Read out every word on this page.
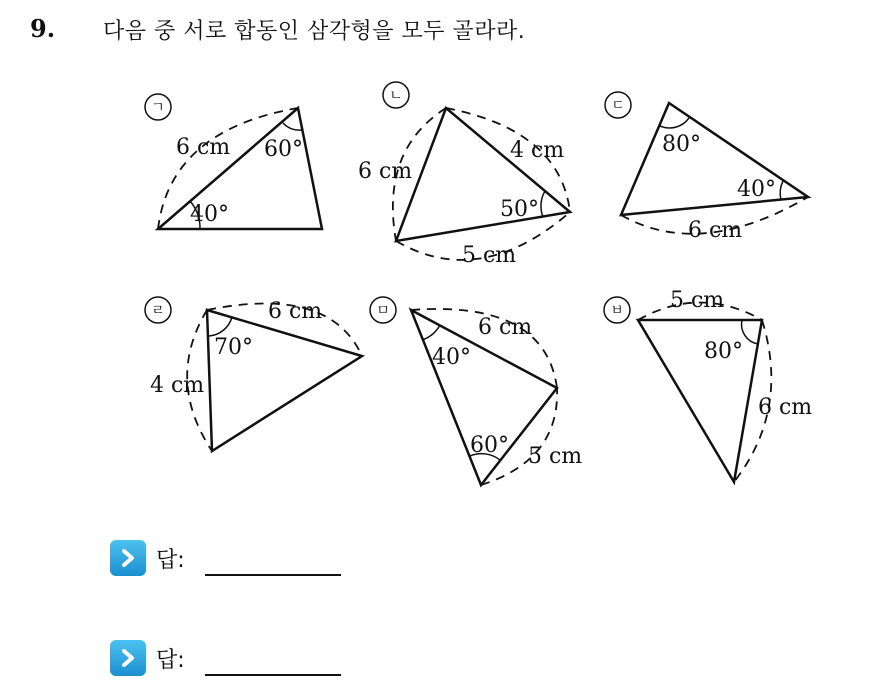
9. 다음 중 서로 합동인 삼각형을 모두 골라라.
ㄱ
6 cm 60°
40°
ㄴ
6 cm
4 cm
50°
5 cm
ㄷ
80°
40°
6 cm
ㄹ	6 cm
70°
4 cm
ㅁ
6 cm
40°
60° 5 cm
ㅂ 5 cm
80°
6 cm
답:
답:
